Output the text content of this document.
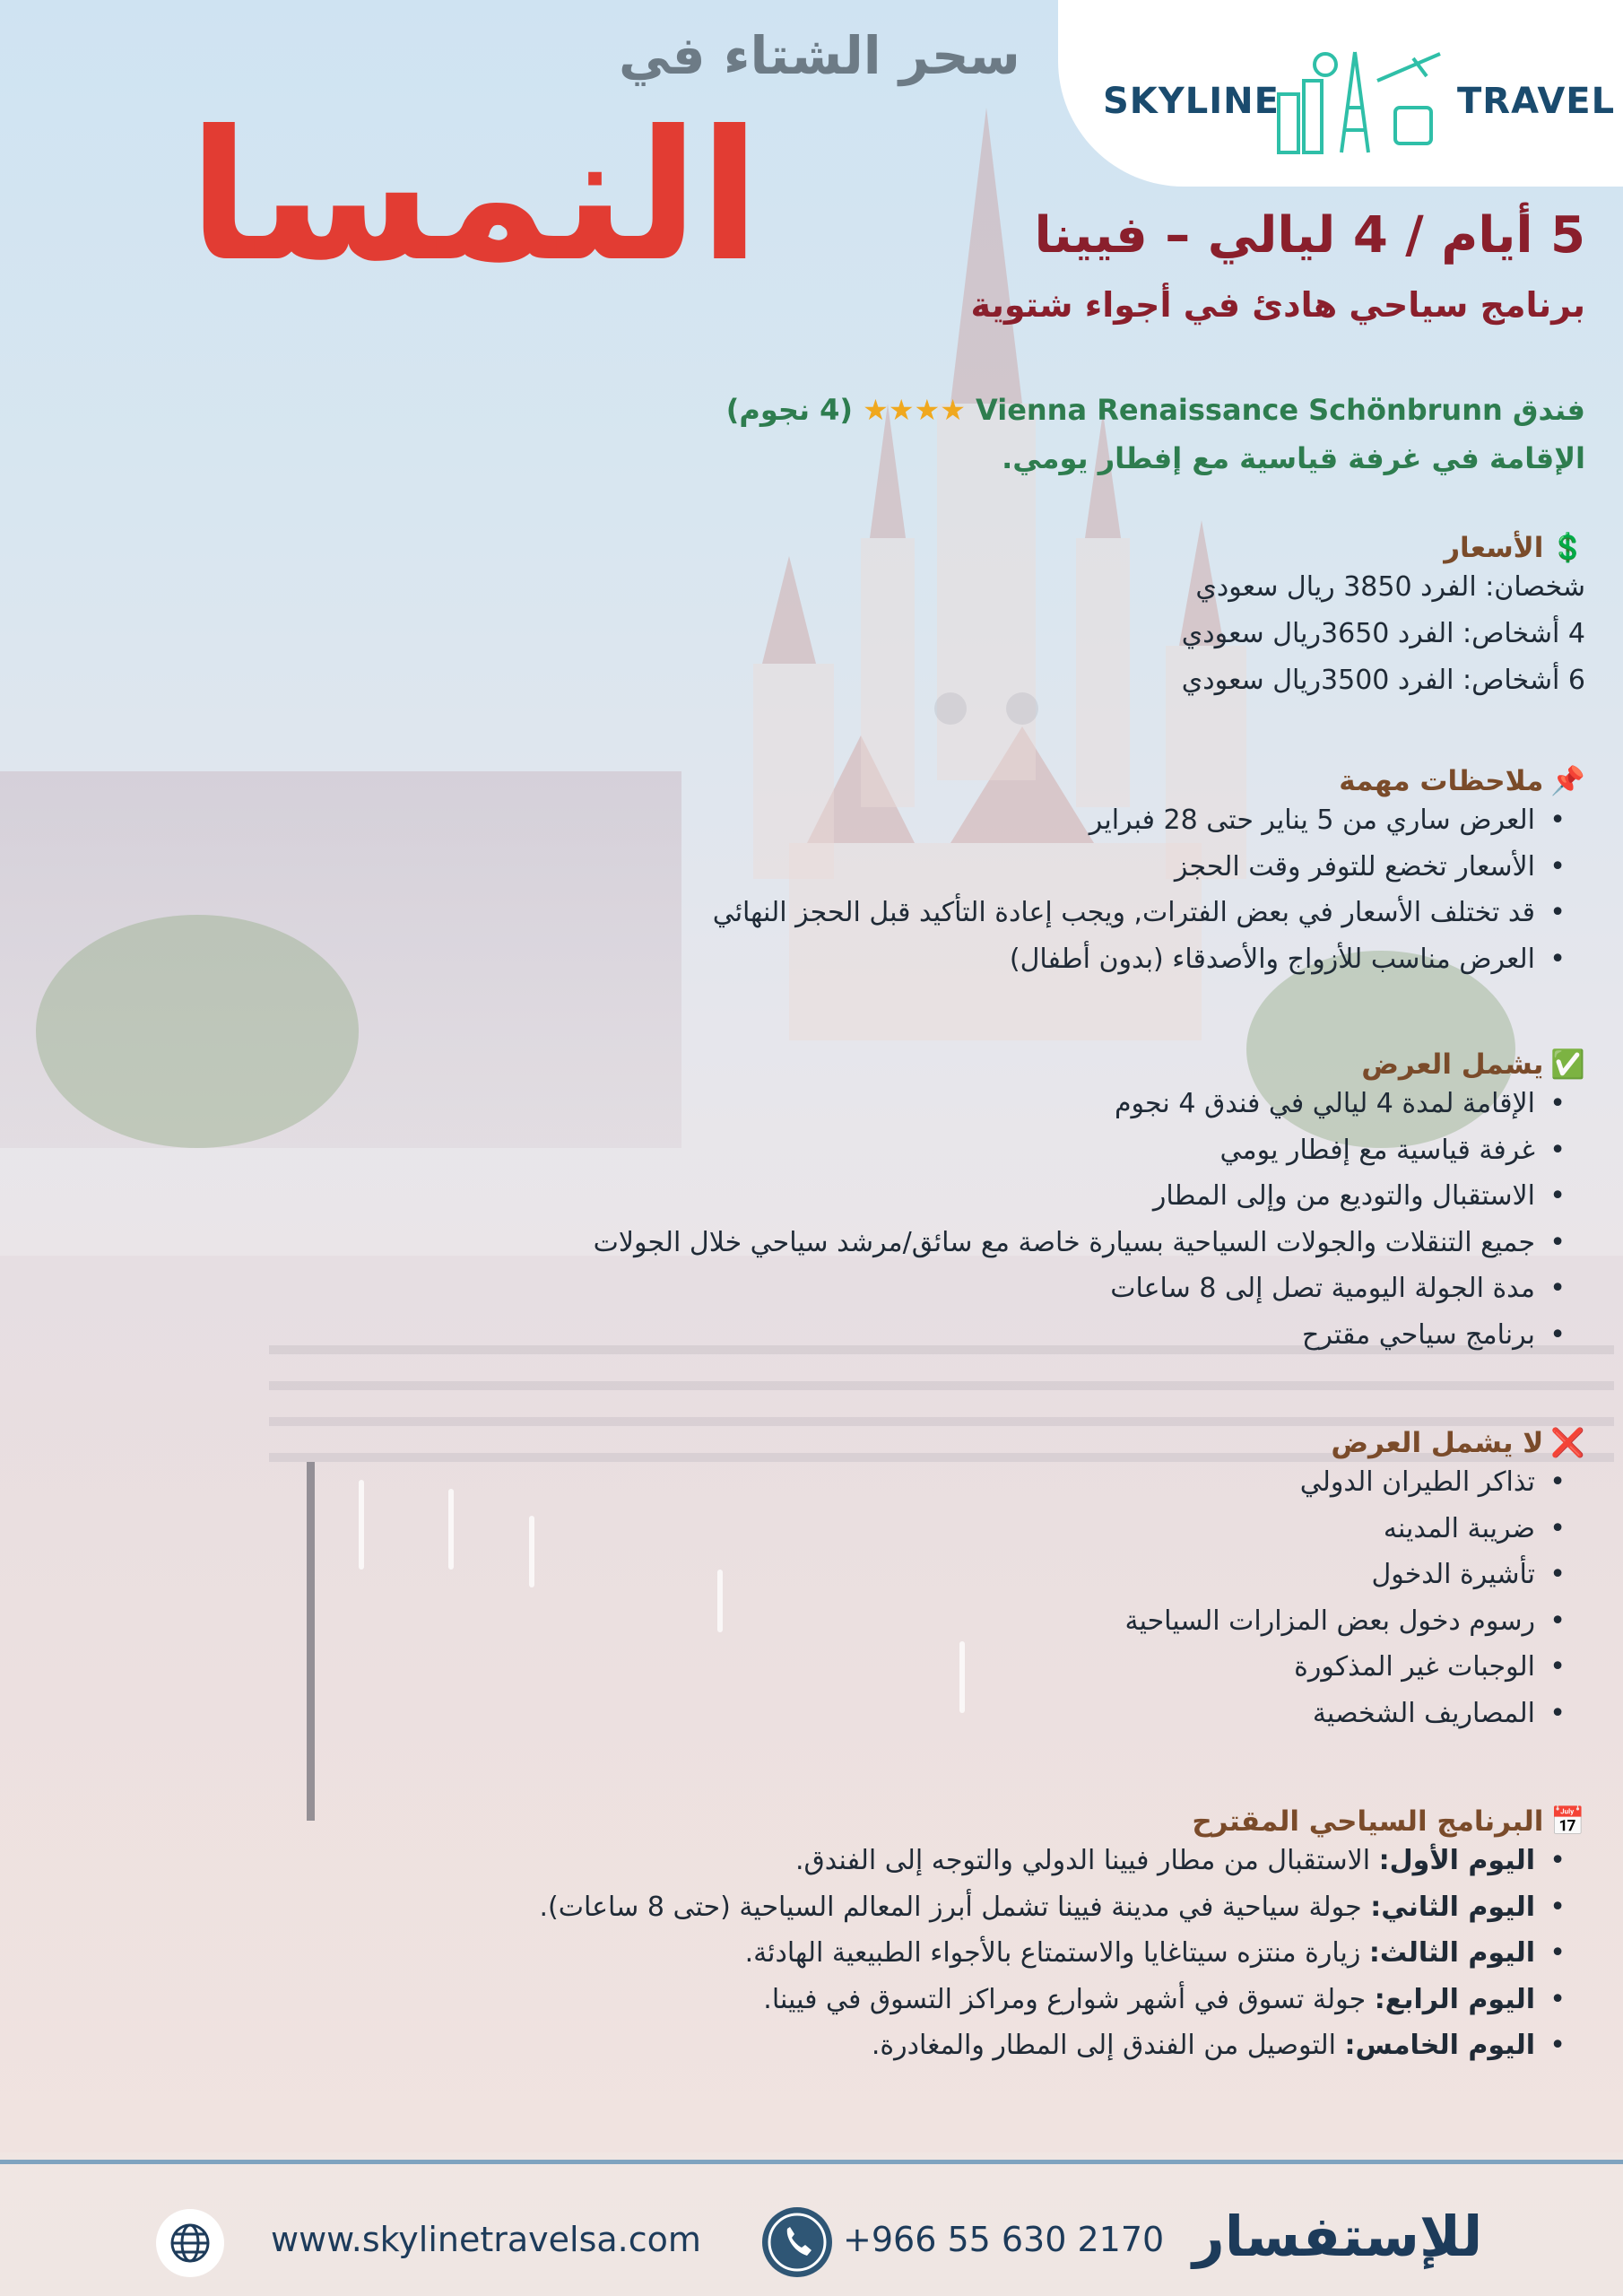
SKYLINE	TRAVEL
سحر الشتاء في
النمسا	5 أيام / 4 ليالي – فيينا
برنامج سياحي هادئ في أجواء شتوية
فندق Vienna Renaissance Schönbrunn ★★★★ (4 نجوم)
الإقامة في غرفة قياسية مع إفطار يومي.
💲الأسعار
شخصان: الفرد 3850 ريال سعودي
4 أشخاص: الفرد 3650ريال سعودي
6 أشخاص: الفرد 3500ريال سعودي
📌ملاحظات مهمة
• العرض ساري من 5 يناير حتى 28 فبراير
• الأسعار تخضع للتوفر وقت الحجز
• قد تختلف الأسعار في بعض الفترات, ويجب إعادة التأكيد قبل الحجز النهائي
• العرض مناسب للأزواج والأصدقاء (بدون أطفال)
✅يشمل العرض
• الإقامة لمدة 4 ليالي في فندق 4 نجوم
• غرفة قياسية مع إفطار يومي
• الاستقبال والتوديع من وإلى المطار
• جميع التنقلات والجولات السياحية بسيارة خاصة مع سائق/مرشد سياحي خلال الجولات
• مدة الجولة اليومية تصل إلى 8 ساعات
• برنامج سياحي مقترح
❌لا يشمل العرض
• تذاكر الطيران الدولي
• ضريبة المدينه
• تأشيرة الدخول
• رسوم دخول بعض المزارات السياحية
• الوجبات غير المذكورة
• المصاريف الشخصية
📅البرنامج السياحي المقترح
• اليوم الأول: الاستقبال من مطار فيينا الدولي والتوجه إلى الفندق.
• اليوم الثاني: جولة سياحية في مدينة فيينا تشمل أبرز المعالم السياحية (حتى 8 ساعات).
• اليوم الثالث: زيارة منتزه سيتاغايا والاستمتاع بالأجواء الطبيعية الهادئة.
• اليوم الرابع: جولة تسوق في أشهر شوارع ومراكز التسوق في فيينا.
• اليوم الخامس: التوصيل من الفندق إلى المطار والمغادرة.
www.skylinetravelsa.com	+966 55 630 2170 للإستفسار
